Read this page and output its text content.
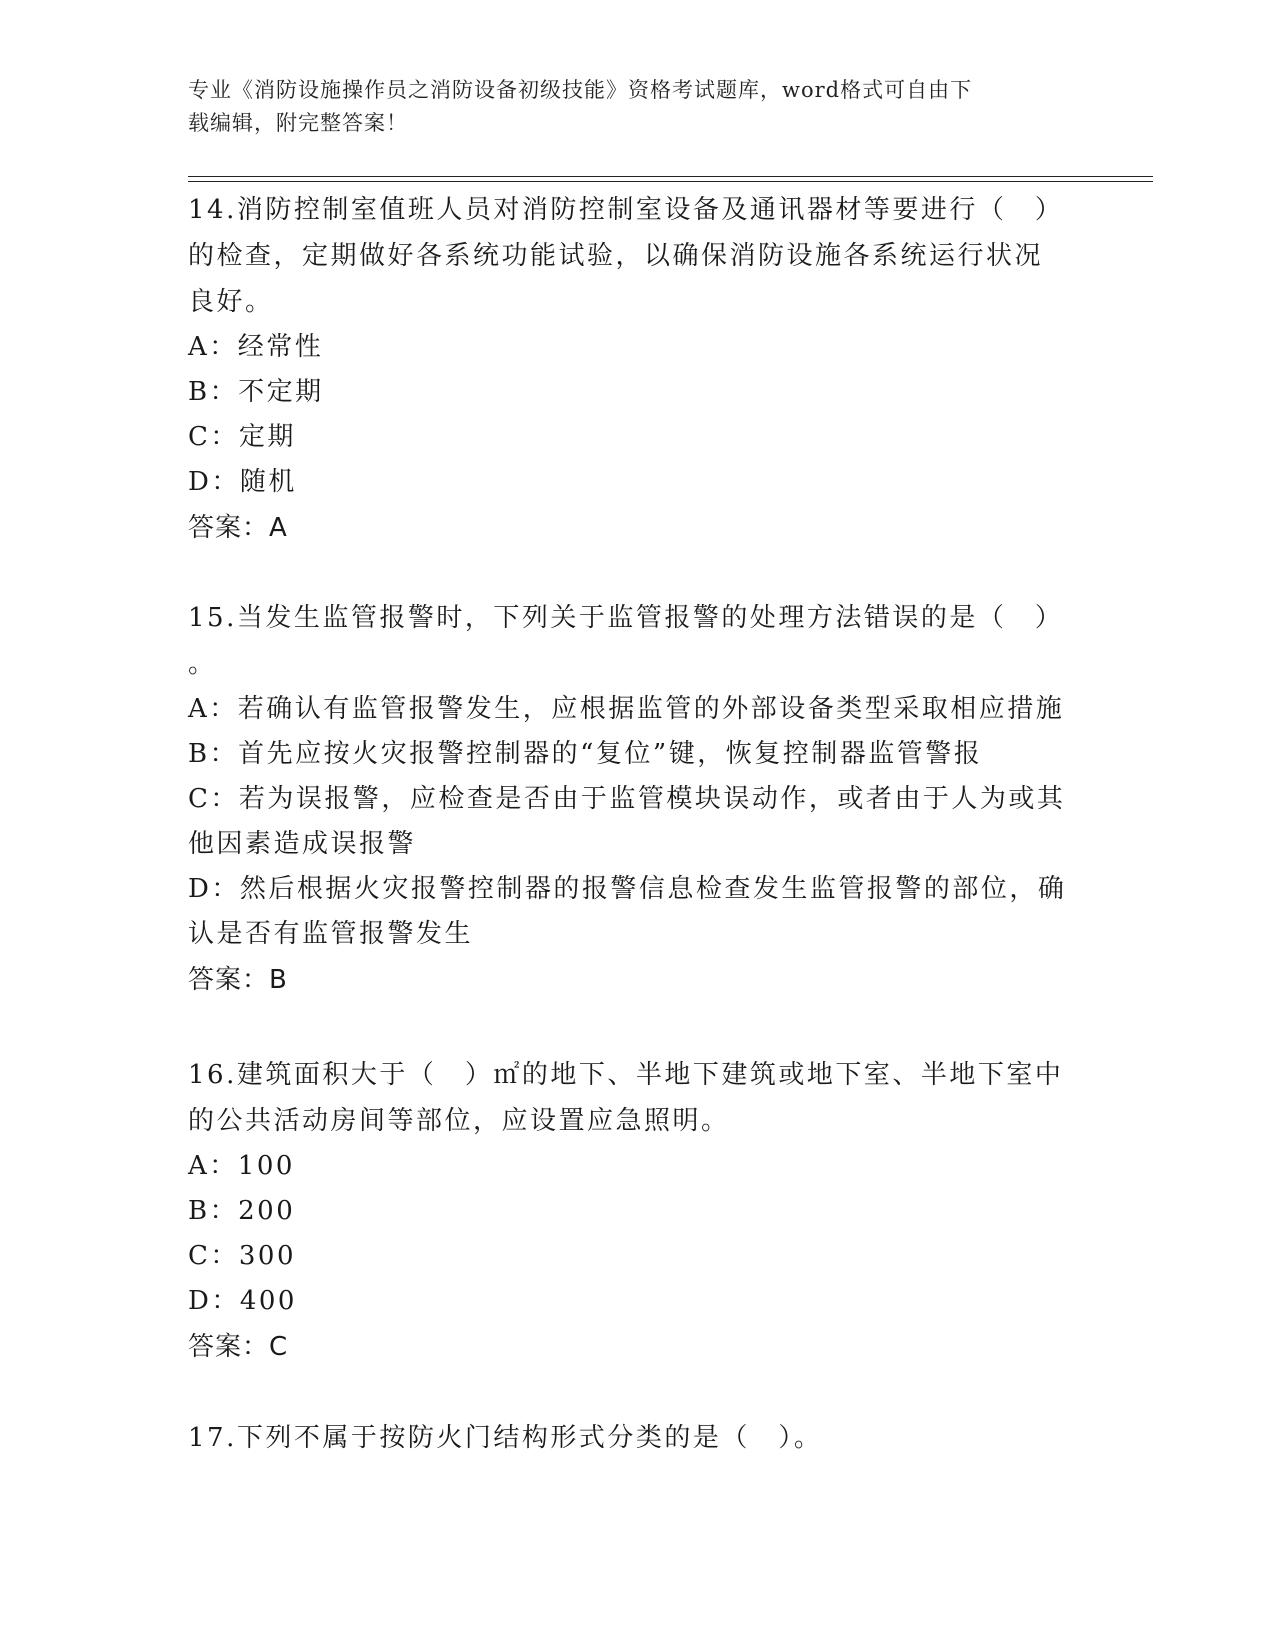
专业《消防设施操作员之消防设备初级技能》资格考试题库，word格式可自由下
载编辑，附完整答案！
14.消防控制室值班人员对消防控制室设备及通讯器材等要进行（　）
的检查，定期做好各系统功能试验，以确保消防设施各系统运行状况
良好。
A：经常性
B：不定期
C：定期
D：随机
答案：A
15.当发生监管报警时，下列关于监管报警的处理方法错误的是（　）
。
A：若确认有监管报警发生，应根据监管的外部设备类型采取相应措施
B：首先应按火灾报警控制器的“复位”键，恢复控制器监管警报
C：若为误报警，应检查是否由于监管模块误动作，或者由于人为或其
他因素造成误报警
D：然后根据火灾报警控制器的报警信息检查发生监管报警的部位，确
认是否有监管报警发生
答案：B
16.建筑面积大于（　）㎡的地下、半地下建筑或地下室、半地下室中
的公共活动房间等部位，应设置应急照明。
A：100
B：200
C：300
D：400
答案：C
17.下列不属于按防火门结构形式分类的是（　）。
